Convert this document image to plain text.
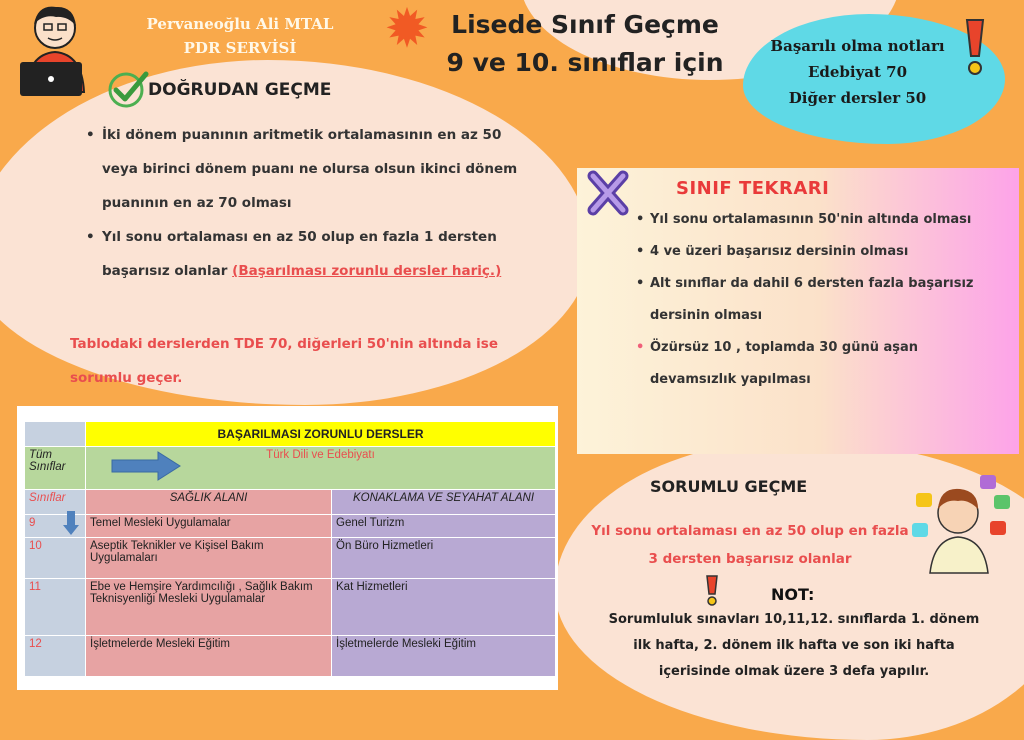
Pervaneoğlu Ali MTAL
PDR SERVİSİ	✹ Lisede Sınıf Geçme
9 ve 10. sınıflar için
Başarılı olma notları
Edebiyat 70
Diğer dersler 50
DOĞRUDAN GEÇME
• İki dönem puanının aritmetik ortalamasının en az 50 veya birinci dönem puanı ne olursa olsun ikinci dönem puanının en az 70 olması
• Yıl sonu ortalaması en az 50 olup en fazla 1 dersten başarısız olanlar (Başarılması zorunlu dersler hariç.)
Tablodaki derslerden TDE 70, diğerleri 50'nin altında ise sorumlu geçer.
SINIF TEKRARI
• Yıl sonu ortalamasının 50'nin altında olması
• 4 ve üzeri başarısız dersinin olması
• Alt sınıflar da dahil 6 dersten fazla başarısız dersinin olması
• Özürsüz 10 , toplamda 30 günü aşan devamsızlık yapılması
SORUMLU GEÇME
Yıl sonu ortalaması en az 50 olup en fazla 3 dersten başarısız olanlar
NOT:
Sorumluluk sınavları 10,11,12. sınıflarda 1. dönem ilk hafta, 2. dönem ilk hafta ve son iki hafta içerisinde olmak üzere 3 defa yapılır.
	BAŞARILMASI ZORUNLU DERSLER	
Tüm Sınıflar	Türk Dili ve Edebiyatı	
Sınıflar	SAĞLIK ALANI	KONAKLAMA VE SEYAHAT ALANI
9	Temel Mesleki Uygulamalar	Genel Turizm
10	Aseptik Teknikler ve Kişisel Bakım Uygulamaları	Ön Büro Hizmetleri
11	Ebe ve Hemşire Yardımcılığı , Sağlık Bakım Teknisyenliği Mesleki Uygulamalar	Kat Hizmetleri
12	İşletmelerde Mesleki Eğitim	İşletmelerde Mesleki Eğitim
